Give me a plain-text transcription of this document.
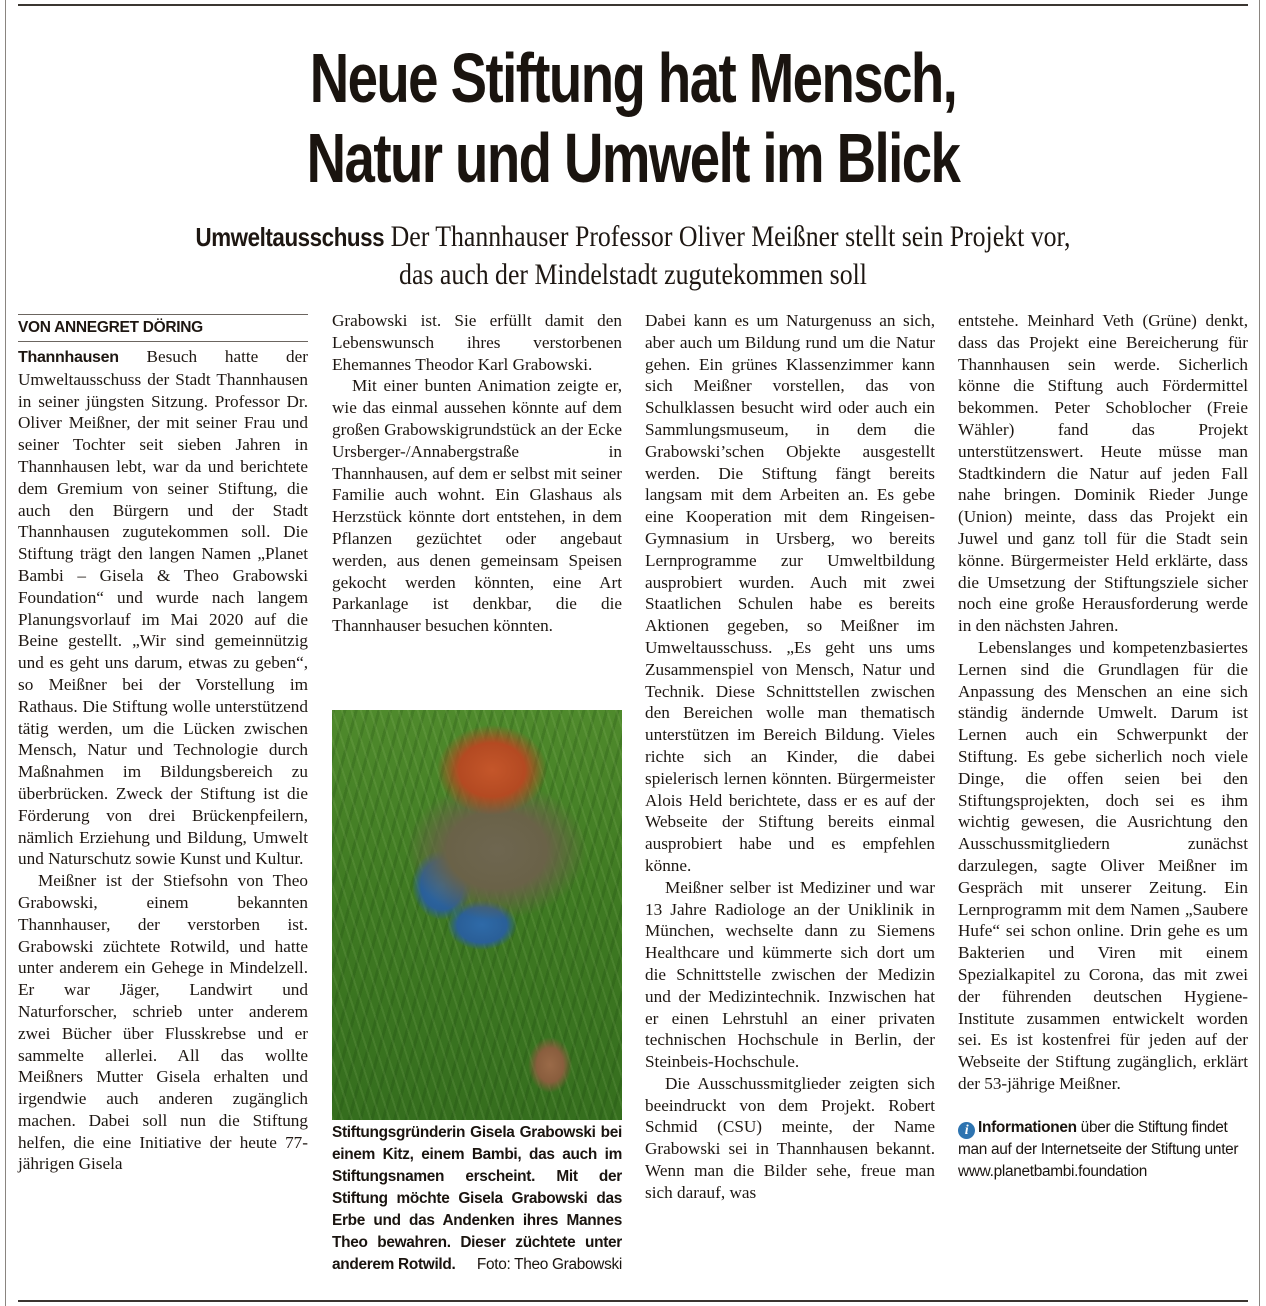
Neue Stiftung hat Mensch,
Natur und Umwelt im Blick
Umweltausschuss Der Thannhauser Professor Oliver Meißner stellt sein Projekt vor,
das auch der Mindelstadt zugutekommen soll
VON ANNEGRET DÖRING

Thannhausen Besuch hatte der Umweltausschuss der Stadt Thannhausen in seiner jüngsten Sitzung. Professor Dr. Oliver Meißner, der mit seiner Frau und seiner Tochter seit sieben Jahren in Thannhausen lebt, war da und berichtete dem Gremium von seiner Stiftung, die auch den Bürgern und der Stadt Thannhausen zugutekommen soll. Die Stiftung trägt den langen Namen „Planet Bambi – Gisela & Theo Grabowski Foundation“ und wurde nach langem Planungsvorlauf im Mai 2020 auf die Beine gestellt. „Wir sind gemeinnützig und es geht uns darum, etwas zu geben“, so Meißner bei der Vorstellung im Rathaus. Die Stiftung wolle unterstützend tätig werden, um die Lücken zwischen Mensch, Natur und Technologie durch Maßnahmen im Bildungsbereich zu überbrücken. Zweck der Stiftung ist die Förderung von drei Brückenpfeilern, nämlich Erziehung und Bildung, Umwelt und Naturschutz sowie Kunst und Kultur.

Meißner ist der Stiefsohn von Theo Grabowski, einem bekannten Thannhauser, der verstorben ist. Grabowski züchtete Rotwild, und hatte unter anderem ein Gehege in Mindelzell. Er war Jäger, Landwirt und Naturforscher, schrieb unter anderem zwei Bücher über Flusskrebse und er sammelte allerlei. All das wollte Meißners Mutter Gisela erhalten und irgendwie auch anderen zugänglich machen. Dabei soll nun die Stiftung helfen, die eine Initiative der heute 77-jährigen Gisela

Grabowski ist. Sie erfüllt damit den Lebenswunsch ihres verstorbenen Ehemannes Theodor Karl Grabowski.

Mit einer bunten Animation zeigte er, wie das einmal aussehen könnte auf dem großen Grabowskigrundstück an der Ecke Ursberger-/Annabergstraße in Thannhausen, auf dem er selbst mit seiner Familie auch wohnt. Ein Glashaus als Herzstück könnte dort entstehen, in dem Pflanzen gezüchtet oder angebaut werden, aus denen gemeinsam Speisen gekocht werden könnten, eine Art Parkanlage ist denkbar, die die Thannhauser besuchen könnten.

Stiftungsgründerin Gisela Grabowski bei einem Kitz, einem Bambi, das auch im Stiftungsnamen erscheint. Mit der Stiftung möchte Gisela Grabowski das Erbe und das Andenken ihres Mannes Theo bewahren. Dieser züchtete unter anderem Rotwild. Foto: Theo Grabowski

Dabei kann es um Naturgenuss an sich, aber auch um Bildung rund um die Natur gehen. Ein grünes Klassenzimmer kann sich Meißner vorstellen, das von Schulklassen besucht wird oder auch ein Sammlungsmuseum, in dem die Grabowski’schen Objekte ausgestellt werden. Die Stiftung fängt bereits langsam mit dem Arbeiten an. Es gebe eine Kooperation mit dem Ringeisen-Gymnasium in Ursberg, wo bereits Lernprogramme zur Umweltbildung ausprobiert wurden. Auch mit zwei Staatlichen Schulen habe es bereits Aktionen gegeben, so Meißner im Umweltausschuss. „Es geht uns ums Zusammenspiel von Mensch, Natur und Technik. Diese Schnittstellen zwischen den Bereichen wolle man thematisch unterstützen im Bereich Bildung. Vieles richte sich an Kinder, die dabei spielerisch lernen könnten. Bürgermeister Alois Held berichtete, dass er es auf der Webseite der Stiftung bereits einmal ausprobiert habe und es empfehlen könne.

Meißner selber ist Mediziner und war 13 Jahre Radiologe an der Uniklinik in München, wechselte dann zu Siemens Healthcare und kümmerte sich dort um die Schnittstelle zwischen der Medizin und der Medizintechnik. Inzwischen hat er einen Lehrstuhl an einer privaten technischen Hochschule in Berlin, der Steinbeis-Hochschule.

Die Ausschussmitglieder zeigten sich beeindruckt von dem Projekt. Robert Schmid (CSU) meinte, der Name Grabowski sei in Thannhausen bekannt. Wenn man die Bilder sehe, freue man sich darauf, was

entstehe. Meinhard Veth (Grüne) denkt, dass das Projekt eine Bereicherung für Thannhausen sein werde. Sicherlich könne die Stiftung auch Fördermittel bekommen. Peter Schoblocher (Freie Wähler) fand das Projekt unterstützenswert. Heute müsse man Stadtkindern die Natur auf jeden Fall nahe bringen. Dominik Rieder Junge (Union) meinte, dass das Projekt ein Juwel und ganz toll für die Stadt sein könne. Bürgermeister Held erklärte, dass die Umsetzung der Stiftungsziele sicher noch eine große Herausforderung werde in den nächsten Jahren.

Lebenslanges und kompetenzbasiertes Lernen sind die Grundlagen für die Anpassung des Menschen an eine sich ständig ändernde Umwelt. Darum ist Lernen auch ein Schwerpunkt der Stiftung. Es gebe sicherlich noch viele Dinge, die offen seien bei den Stiftungsprojekten, doch sei es ihm wichtig gewesen, die Ausrichtung den Ausschussmitgliedern zunächst darzulegen, sagte Oliver Meißner im Gespräch mit unserer Zeitung. Ein Lernprogramm mit dem Namen „Saubere Hufe“ sei schon online. Drin gehe es um Bakterien und Viren mit einem Spezialkapitel zu Corona, das mit zwei der führenden deutschen Hygiene-Institute zusammen entwickelt worden sei. Es ist kostenfrei für jeden auf der Webseite der Stiftung zugänglich, erklärt der 53-jährige Meißner.

i Informationen über die Stiftung findet man auf der Internetseite der Stiftung unter www.planetbambi.foundation
